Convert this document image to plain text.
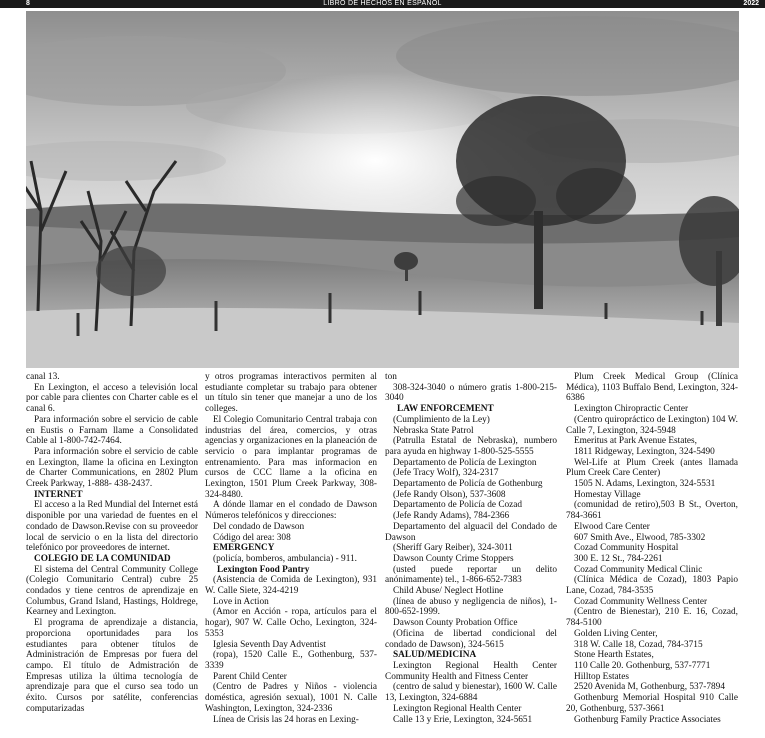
8	LIBRO DE HECHOS EN ESPAÑOL	2022

canal 13.

En Lexington, el acceso a televisión local por cable para clientes con Charter cable es el canal 6.

Para información sobre el servicio de cable en Eustis o Farnam llame a Consolidated Cable al 1-800-742-7464.

Para información sobre el servicio de cable en Lexington, llame la oficina en Lexington de Charter Communications, en 2802 Plum Creek Parkway, 1-888- 438-2437.

INTERNET

El acceso a la Red Mundial del Internet está disponible por una variedad de fuentes en el condado de Dawson.Revise con su proveedor local de servicio o en la lista del directorio telefónico por proveedores de internet.

COLEGIO DE LA COMUNIDAD

El sistema del Central Community College (Colegio Comunitario Central) cubre 25 condados y tiene centros de aprendizaje en Columbus, Grand Island, Hastings, Holdrege, Kearney and Lexington.

El programa de aprendizaje a distancia, proporciona oportunidades para los estudiantes para obtener títulos de Administración de Empresas por fuera del campo. El título de Admistración de Empresas utiliza la última tecnología de aprendizaje para que el curso sea todo un éxito. Cursos por satélite, conferencias computarizadas

y otros programas interactivos permiten al estudiante completar su trabajo para obtener un título sin tener que manejar a uno de los colleges.

El Colegio Comunitario Central trabaja con industrias del área, comercios, y otras agencias y organizaciones en la planeación de servicio o para implantar programas de entrenamiento. Para mas informacion en cursos de CCC llame a la oficina en Lexington, 1501 Plum Creek Parkway, 308-324-8480.

A dónde llamar en el condado de Dawson Números telefónicos y direcciones:

Del condado de Dawson

Código del area: 308

EMERGENCY

(policía, bomberos, ambulancia) - 911.

Lexington Food Pantry

(Asistencia de Comida de Lexington), 931 W. Calle Siete, 324-4219

Love in Action

(Amor en Acción - ropa, artículos para el hogar), 907 W. Calle Ocho, Lexington, 324-5353

Iglesia Seventh Day Adventist

(ropa), 1520 Calle E., Gothenburg, 537-3339

Parent Child Center

(Centro de Padres y Niños - violencia doméstica, agresión sexual), 1001 N. Calle Washington, Lexington, 324-2336

Línea de Crisis las 24 horas en Lexing-

ton

308-324-3040 o número gratis 1-800-215-3040

LAW ENFORCEMENT

(Cumplimiento de la Ley)

Nebraska State Patrol

(Patrulla Estatal de Nebraska), numbero para ayuda en highway 1-800-525-5555

Departamento de Policía de Lexington

(Jefe Tracy Wolf), 324-2317

Departamento de Policía de Gothenburg

(Jefe Randy Olson), 537-3608

Departamento de Policía de Cozad

(Jefe Randy Adams), 784-2366

Departamento del alguacil del Condado de Dawson

(Sheriff Gary Reiber), 324-3011

Dawson County Crime Stoppers

(usted puede reportar un delito anónimamente) tel., 1-866-652-7383

Child Abuse/ Neglect Hotline

(línea de abuso y negligencia de niños), 1-800-652-1999.

Dawson County Probation Office

(Oficina de libertad condicional del condado de Dawson), 324-5615

SALUD/MEDICINA

Lexington Regional Health Center Community Health and Fitness Center

(centro de salud y bienestar), 1600 W. Calle 13, Lexington, 324-6884

Lexington Regional Health Center

Calle 13 y Erie, Lexington, 324-5651

Plum Creek Medical Group (Clínica Médica), 1103 Buffalo Bend, Lexington, 324-6386

Lexington Chiropractic Center

(Centro quiropráctico de Lexington) 104 W. Calle 7, Lexington, 324-5948

Emeritus at Park Avenue Estates,

1811 Ridgeway, Lexington, 324-5490

Wel-Life at Plum Creek (antes llamada Plum Creek Care Center)

1505 N. Adams, Lexington, 324-5531

Homestay Village

(comunidad de retiro),503 B St., Overton, 784-3661

Elwood Care Center

607 Smith Ave., Elwood, 785-3302

Cozad Community Hospital

300 E. 12 St., 784-2261

Cozad Community Medical Clinic

(Clínica Médica de Cozad), 1803 Papio Lane, Cozad, 784-3535

Cozad Community Wellness Center

(Centro de Bienestar), 210 E. 16, Cozad, 784-5100

Golden Living Center,

318 W. Calle 18, Cozad, 784-3715

Stone Hearth Estates,

110 Calle 20. Gothenburg, 537-7771

Hilltop Estates

2520 Avenida M, Gothenburg, 537-7894

Gothenburg Memorial Hospital 910 Calle 20, Gothenburg, 537-3661

Gothenburg Family Practice Associates
